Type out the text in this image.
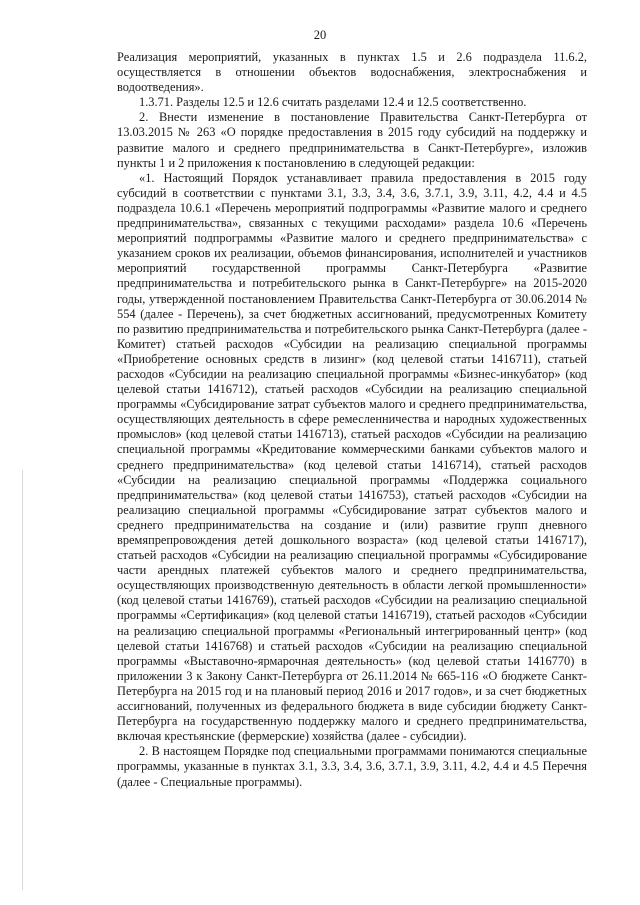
20

Реализация мероприятий, указанных в пунктах 1.5 и 2.6 подраздела 11.6.2, осуществляется в отношении объектов водоснабжения, электроснабжения и водоотведения».

1.3.71. Разделы 12.5 и 12.6 считать разделами 12.4 и 12.5 соответственно.

2. Внести изменение в постановление Правительства Санкт-Петербурга от 13.03.2015 № 263 «О порядке предоставления в 2015 году субсидий на поддержку и развитие малого и среднего предпринимательства в Санкт-Петербурге», изложив пункты 1 и 2 приложения к постановлению в следующей редакции:

«1. Настоящий Порядок устанавливает правила предоставления в 2015 году субсидий в соответствии с пунктами 3.1, 3.3, 3.4, 3.6, 3.7.1, 3.9, 3.11, 4.2, 4.4 и 4.5 подраздела 10.6.1 «Перечень мероприятий подпрограммы «Развитие малого и среднего предпринимательства», связанных с текущими расходами» раздела 10.6 «Перечень мероприятий подпрограммы «Развитие малого и среднего предпринимательства» с указанием сроков их реализации, объемов финансирования, исполнителей и участников мероприятий государственной программы Санкт-Петербурга «Развитие предпринимательства и потребительского рынка в Санкт-Петербурге» на 2015-2020 годы, утвержденной постановлением Правительства Санкт-Петербурга от 30.06.2014 № 554 (далее - Перечень), за счет бюджетных ассигнований, предусмотренных Комитету по развитию предпринимательства и потребительского рынка Санкт-Петербурга (далее - Комитет) статьей расходов «Субсидии на реализацию специальной программы «Приобретение основных средств в лизинг» (код целевой статьи 1416711), статьей расходов «Субсидии на реализацию специальной программы «Бизнес-инкубатор» (код целевой статьи 1416712), статьей расходов «Субсидии на реализацию специальной программы «Субсидирование затрат субъектов малого и среднего предпринимательства, осуществляющих деятельность в сфере ремесленничества и народных художественных промыслов» (код целевой статьи 1416713), статьей расходов «Субсидии на реализацию специальной программы «Кредитование коммерческими банками субъектов малого и среднего предпринимательства» (код целевой статьи 1416714), статьей расходов «Субсидии на реализацию специальной программы «Поддержка социального предпринимательства» (код целевой статьи 1416753), статьей расходов «Субсидии на реализацию специальной программы «Субсидирование затрат субъектов малого и среднего предпринимательства на создание и (или) развитие групп дневного времяпрепровождения детей дошкольного возраста» (код целевой статьи 1416717), статьей расходов «Субсидии на реализацию специальной программы «Субсидирование части арендных платежей субъектов малого и среднего предпринимательства, осуществляющих производственную деятельность в области легкой промышленности» (код целевой статьи 1416769), статьей расходов «Субсидии на реализацию специальной программы «Сертификация» (код целевой статьи 1416719), статьей расходов «Субсидии на реализацию специальной программы «Региональный интегрированный центр» (код целевой статьи 1416768) и статьей расходов «Субсидии на реализацию специальной программы «Выставочно-ярмарочная деятельность» (код целевой статьи 1416770) в приложении 3 к Закону Санкт-Петербурга от 26.11.2014 № 665-116 «О бюджете Санкт-Петербурга на 2015 год и на плановый период 2016 и 2017 годов», и за счет бюджетных ассигнований, полученных из федерального бюджета в виде субсидии бюджету Санкт-Петербурга на государственную поддержку малого и среднего предпринимательства, включая крестьянские (фермерские) хозяйства (далее - субсидии).

2. В настоящем Порядке под специальными программами понимаются специальные программы, указанные в пунктах 3.1, 3.3, 3.4, 3.6, 3.7.1, 3.9, 3.11, 4.2, 4.4 и 4.5 Перечня (далее - Специальные программы).
